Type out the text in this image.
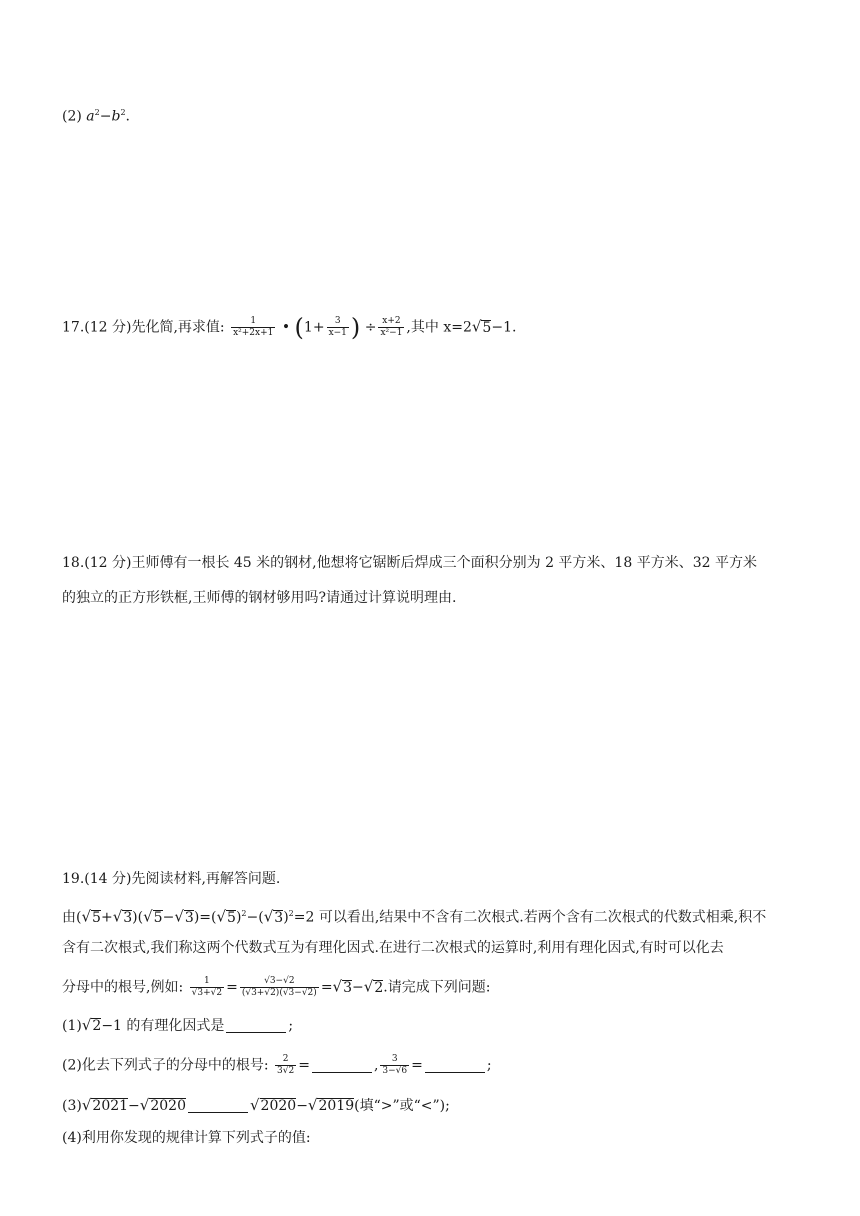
(2) $a^2-b^2$.
17.(12 分)先化简,再求值: $\frac{1}{\text{x²+2x+1}}$ • ($1+ \frac{3}{x-1}$ ) ÷ $\frac{x+2}{\text{x²−1}}$ ,其中 x=2√5−1.
18.(12 分)王师傅有一根长 45 米的钢材,他想将它锯断后焊成三个面积分别为 2 平方米、18 平方米、32 平方米
的独立的正方形铁框,王师傅的钢材够用吗?请通过计算说明理由.
19.(14 分)先阅读材料,再解答问题.
由$(√5+√3)(√5-√3)=(√5)^2-(√3)^2=2$ 可以看出,结果中不含有二次根式.若两个含有二次根式的代数式相乘,积不
含有二次根式,我们称这两个代数式互为有理化因式.在进行二次根式的运算时,利用有理化因式,有时可以化去
分母中的根号,例如: $\frac{1}{√3+√2} = \frac{√3-√2}{(√3+√2)(√3-√2)} =√3-√2$.请完成下列问题:
(1)√2−1 的有理化因式是	;
(2)化去下列式子的分母中的根号: $\frac{2}{3√2}$ =	, $\frac{3}{3-√6}$ =	;
(3)√2021−√2020	√2020−√2019(填“>”或“<”);
(4)利用你发现的规律计算下列式子的值:
